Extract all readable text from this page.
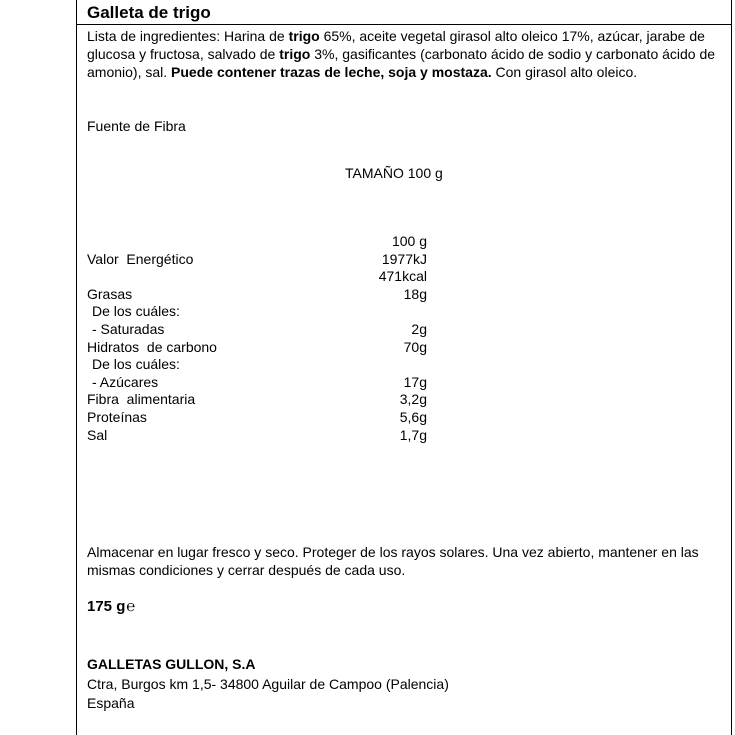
Galleta de trigo
Lista de ingredientes: Harina de trigo 65%, aceite vegetal girasol alto oleico 17%, azúcar, jarabe de glucosa y fructosa, salvado de trigo 3%, gasificantes (carbonato ácido de sodio y carbonato ácido de amonio), sal. Puede contener trazas de leche, soja y mostaza. Con girasol alto oleico.
Fuente de Fibra
TAMAÑO 100 g
100 g
Valor  Energético	1977kJ
471kcal
Grasas	18g
De los cuáles:
- Saturadas	2g
Hidratos  de carbono	70g
De los cuáles:
- Azúcares	17g
Fibra  alimentaria	3,2g
Proteínas	5,6g
Sal	1,7g
Almacenar en lugar fresco y seco. Proteger de los rayos solares. Una vez abierto, mantener en las mismas condiciones y cerrar después de cada uso.
175 g℮
GALLETAS GULLON, S.A
Ctra, Burgos km 1,5- 34800 Aguilar de Campoo (Palencia)
España
